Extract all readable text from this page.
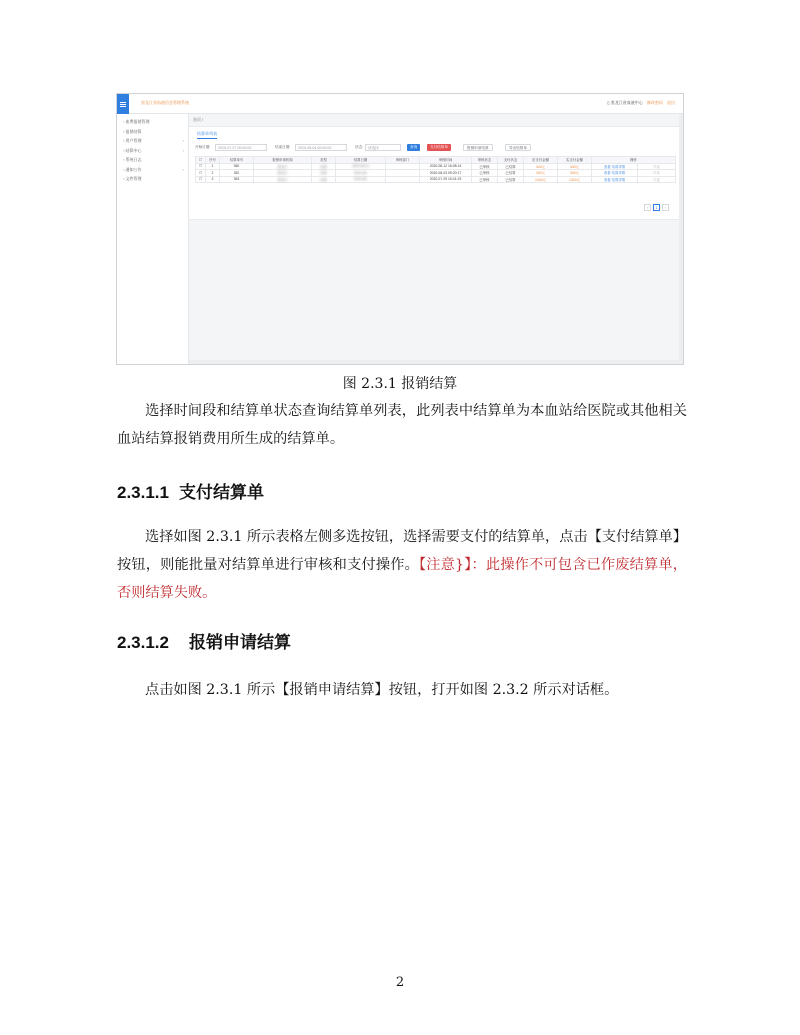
黑龙江省血液信息管理系统	▯ 黑龙江省血液中心 修改密码 退出
▫ 血费报销管理
▫ 报销结算
▫ 用户管理	›
▫ 结算中心	›
▫ 系统日志
▫ 通知公告	›
▫ 文件管理
首页 /
结算单列表
开始日期:	2020-07-27 00:00:00	结束日期:	2020-08-04 00:00:00	状态:	请选择	查询	支付结算单	报销申请结算	导出结算单
☐	序号	结算单号	报销申请机构	类型	结算日期	审核部门	审核时间	审核状态	支付状态	应支付金额	实支付金额	操作	
☐	1	350	黑龙江	结算	2020-08-11		2020-08-12 16:08:14	已审核	已结算	340元	340元	查看 结算详情	作废
☐	2	352	黑龙江	结算	2020-08-		2020-08-03 09:20:17	已审核	已结算	340元	340元	查看 结算详情	作废
☐	3	353	黑龙江	结算	2020-08-		2020-07-29 15:41:23	已审核	已结算	1340元	1340元	查看 结算详情	作废
‹ 1 ›
图 2.3.1 报销结算
选择时间段和结算单状态查询结算单列表，此列表中结算单为本血站给医院或其他相关血站结算报销费用所生成的结算单。
2.3.1.1 支付结算单
选择如图 2.3.1 所示表格左侧多选按钮，选择需要支付的结算单，点击【支付结算单】按钮，则能批量对结算单进行审核和支付操作。【注意}】：此操作不可包含已作废结算单，否则结算失败。
2.3.1.2 报销申请结算
点击如图 2.3.1 所示【报销申请结算】按钮，打开如图 2.3.2 所示对话框。
2
